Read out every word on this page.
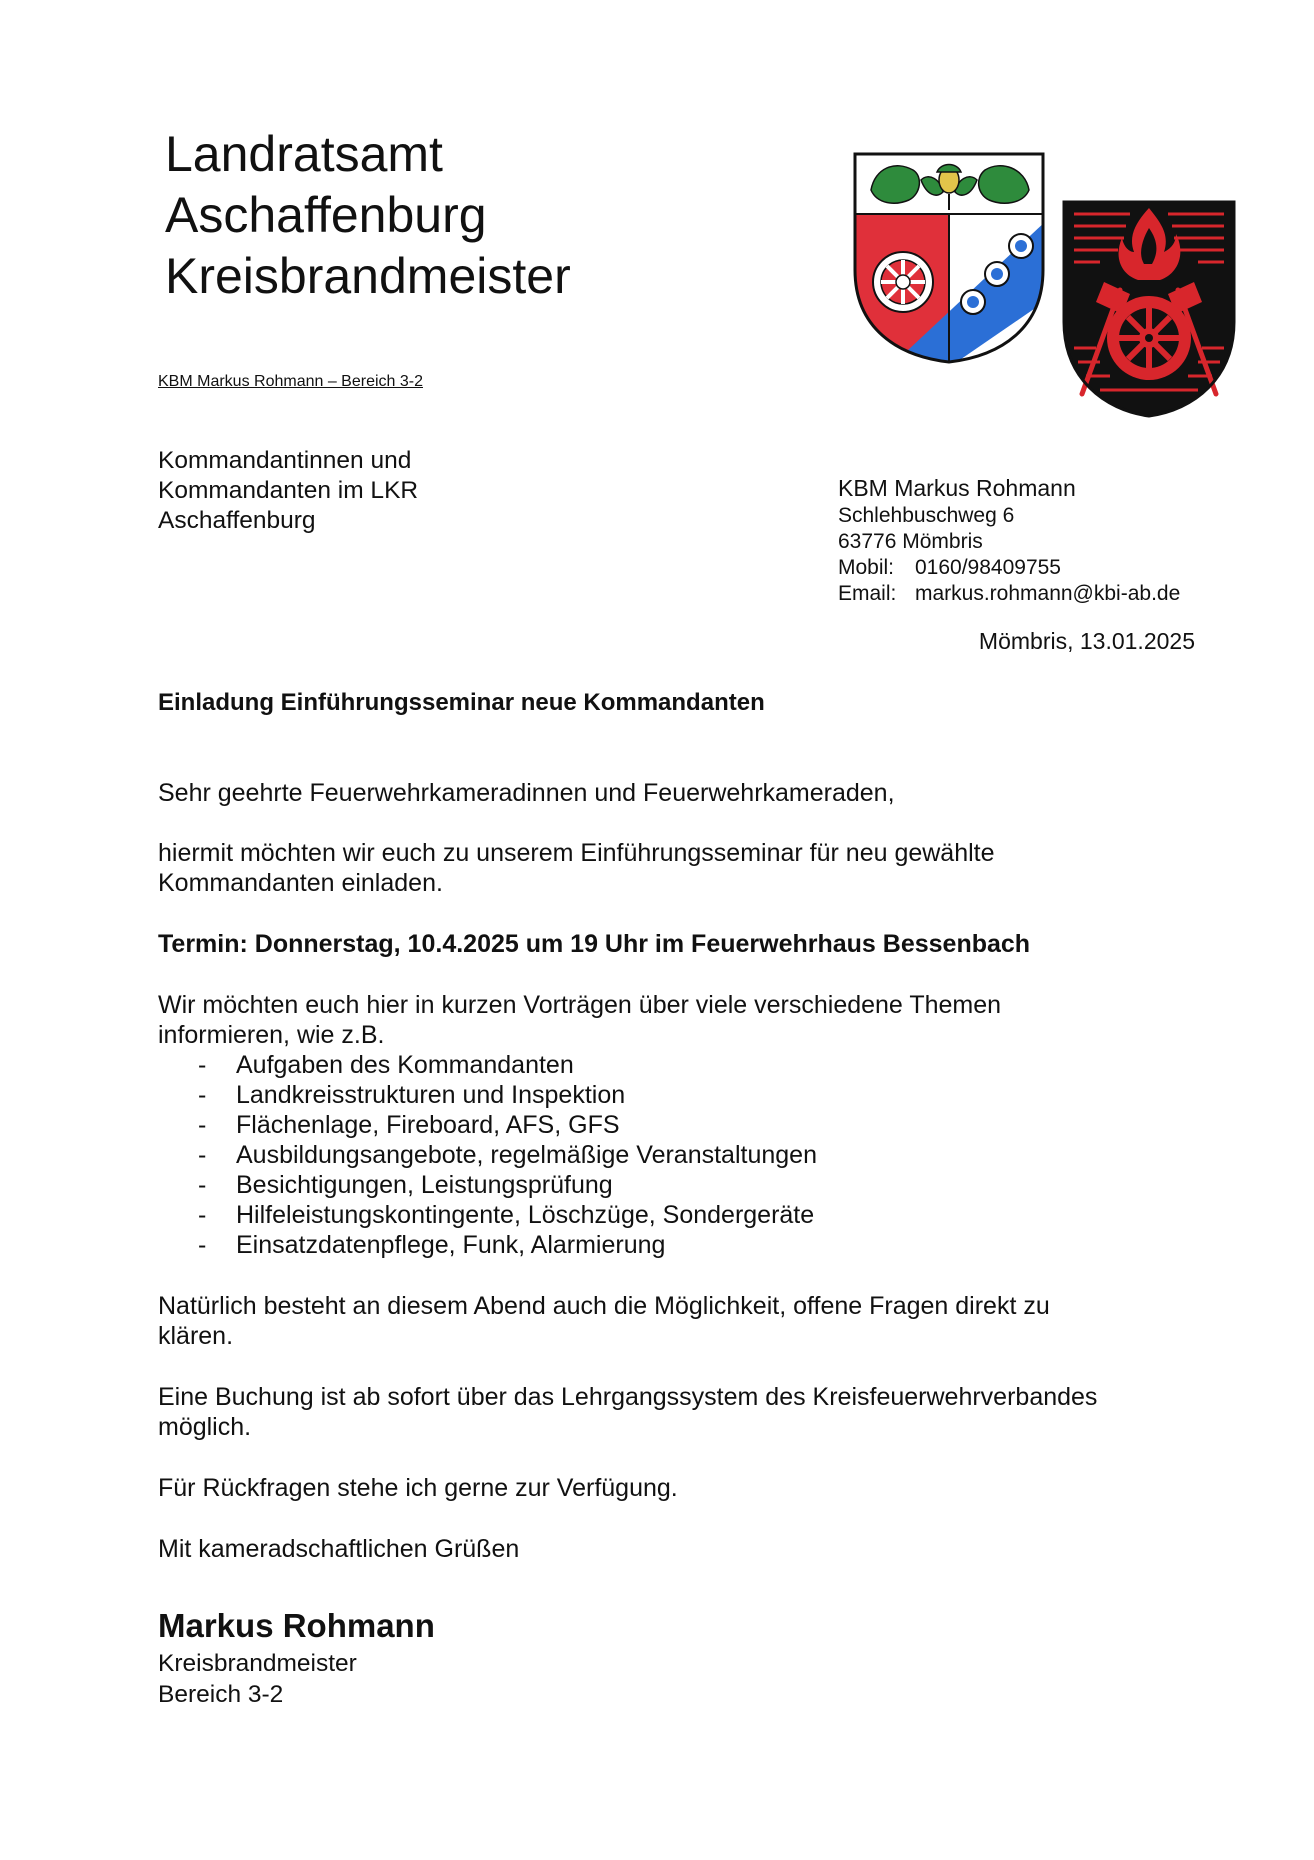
Landratsamt
Aschaffenburg
Kreisbrandmeister
KBM Markus Rohmann – Bereich 3-2
Kommandantinnen und
Kommandanten im LKR
Aschaffenburg
KBM Markus Rohmann
Schlehbuschweg 6
63776 Mömbris
Mobil: 0160/98409755
Email: markus.rohmann@kbi-ab.de
Mömbris, 13.01.2025
Einladung Einführungsseminar neue Kommandanten

Sehr geehrte Feuerwehrkameradinnen und Feuerwehrkameraden,

hiermit möchten wir euch zu unserem Einführungsseminar für neu gewählte

Kommandanten einladen.

Termin: Donnerstag, 10.4.2025 um 19 Uhr im Feuerwehrhaus Bessenbach

Wir möchten euch hier in kurzen Vorträgen über viele verschiedene Themen

informieren, wie z.B.

- Aufgaben des Kommandanten
- Landkreisstrukturen und Inspektion
- Flächenlage, Fireboard, AFS, GFS
- Ausbildungsangebote, regelmäßige Veranstaltungen
- Besichtigungen, Leistungsprüfung
- Hilfeleistungskontingente, Löschzüge, Sondergeräte
- Einsatzdatenpflege, Funk, Alarmierung

Natürlich besteht an diesem Abend auch die Möglichkeit, offene Fragen direkt zu

klären.

Eine Buchung ist ab sofort über das Lehrgangssystem des Kreisfeuerwehrverbandes

möglich.

Für Rückfragen stehe ich gerne zur Verfügung.

Mit kameradschaftlichen Grüßen

Markus Rohmann
Kreisbrandmeister
Bereich 3-2
